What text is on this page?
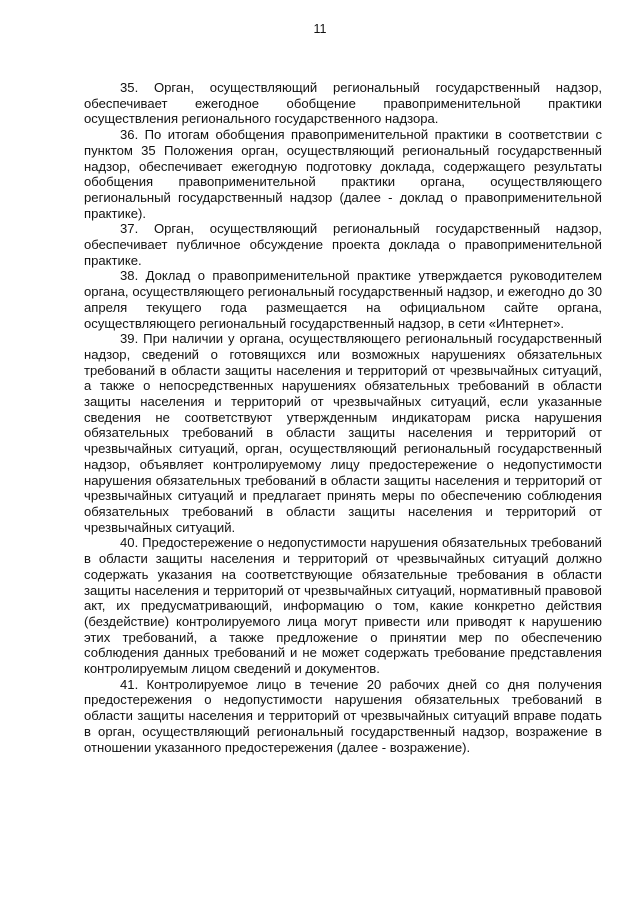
11

35. Орган, осуществляющий региональный государственный надзор, обеспечивает ежегодное обобщение правоприменительной практики осуществления регионального государственного надзора.

36. По итогам обобщения правоприменительной практики в соответствии с пунктом 35 Положения орган, осуществляющий региональный государственный надзор, обеспечивает ежегодную подготовку доклада, содержащего результаты обобщения правоприменительной практики органа, осуществляющего региональный государственный надзор (далее - доклад о правоприменительной практике).

37. Орган, осуществляющий региональный государственный надзор, обеспечивает публичное обсуждение проекта доклада о правоприменительной практике.

38. Доклад о правоприменительной практике утверждается руководителем органа, осуществляющего региональный государственный надзор, и ежегодно до 30 апреля текущего года размещается на официальном сайте органа, осуществляющего региональный государственный надзор, в сети «Интернет».

39. При наличии у органа, осуществляющего региональный государственный надзор, сведений о готовящихся или возможных нарушениях обязательных требований в области защиты населения и территорий от чрезвычайных ситуаций, а также о непосредственных нарушениях обязательных требований в области защиты населения и территорий от чрезвычайных ситуаций, если указанные сведения не соответствуют утвержденным индикаторам риска нарушения обязательных требований в области защиты населения и территорий от чрезвычайных ситуаций, орган, осуществляющий региональный государственный надзор, объявляет контролируемому лицу предостережение о недопустимости нарушения обязательных требований в области защиты населения и территорий от чрезвычайных ситуаций и предлагает принять меры по обеспечению соблюдения обязательных требований в области защиты населения и территорий от чрезвычайных ситуаций.

40. Предостережение о недопустимости нарушения обязательных требований в области защиты населения и территорий от чрезвычайных ситуаций должно содержать указания на соответствующие обязательные требования в области защиты населения и территорий от чрезвычайных ситуаций, нормативный правовой акт, их предусматривающий, информацию о том, какие конкретно действия (бездействие) контролируемого лица могут привести или приводят к нарушению этих требований, а также предложение о принятии мер по обеспечению соблюдения данных требований и не может содержать требование представления контролируемым лицом сведений и документов.

41. Контролируемое лицо в течение 20 рабочих дней со дня получения предостережения о недопустимости нарушения обязательных требований в области защиты населения и территорий от чрезвычайных ситуаций вправе подать в орган, осуществляющий региональный государственный надзор, возражение в отношении указанного предостережения (далее - возражение).
